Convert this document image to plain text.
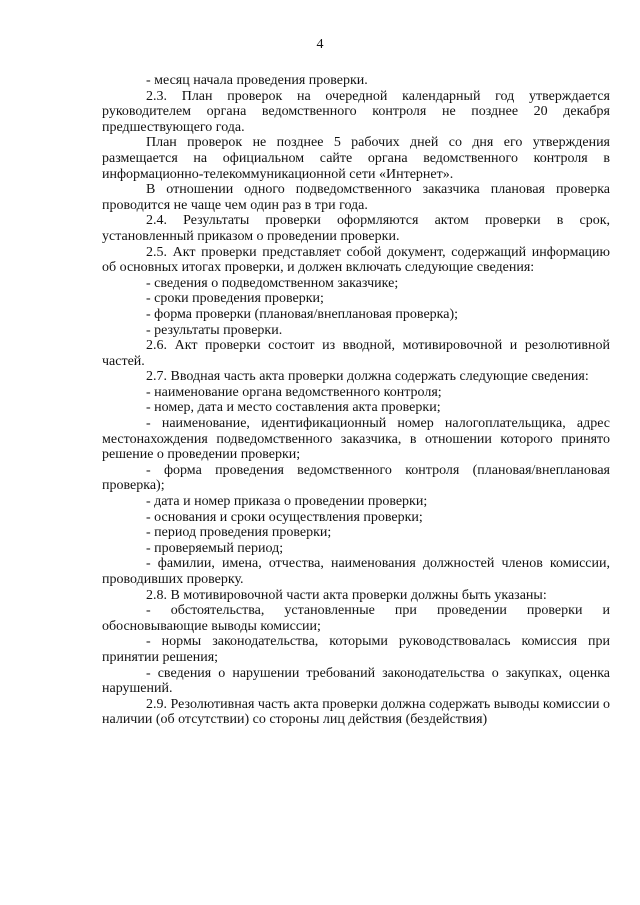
4

- месяц начала проведения проверки.

2.3. План проверок на очередной календарный год утверждается руководителем органа ведомственного контроля не позднее 20 декабря предшествующего года.

План проверок не позднее 5 рабочих дней со дня его утверждения размещается на официальном сайте органа ведомственного контроля в информационно-телекоммуникационной сети «Интернет».

В отношении одного подведомственного заказчика плановая проверка проводится не чаще чем один раз в три года.

2.4. Результаты проверки оформляются актом проверки в срок, установленный приказом о проведении проверки.

2.5. Акт проверки представляет собой документ, содержащий информацию об основных итогах проверки, и должен включать следующие сведения:

- сведения о подведомственном заказчике;

- сроки проведения проверки;

- форма проверки (плановая/внеплановая проверка);

- результаты проверки.

2.6. Акт проверки состоит из вводной, мотивировочной и резолютивной частей.

2.7. Вводная часть акта проверки должна содержать следующие сведения:

- наименование органа ведомственного контроля;

- номер, дата и место составления акта проверки;

- наименование, идентификационный номер налогоплательщика, адрес местонахождения подведомственного заказчика, в отношении которого принято решение о проведении проверки;

- форма проведения ведомственного контроля (плановая/внеплановая проверка);

- дата и номер приказа о проведении проверки;

- основания и сроки осуществления проверки;

- период проведения проверки;

- проверяемый период;

- фамилии, имена, отчества, наименования должностей членов комиссии, проводивших проверку.

2.8. В мотивировочной части акта проверки должны быть указаны:

- обстоятельства, установленные при проведении проверки и обосновывающие выводы комиссии;

- нормы законодательства, которыми руководствовалась комиссия при принятии решения;

- сведения о нарушении требований законодательства о закупках, оценка нарушений.

2.9. Резолютивная часть акта проверки должна содержать выводы комиссии о наличии (об отсутствии) со стороны лиц действия (бездействия)
